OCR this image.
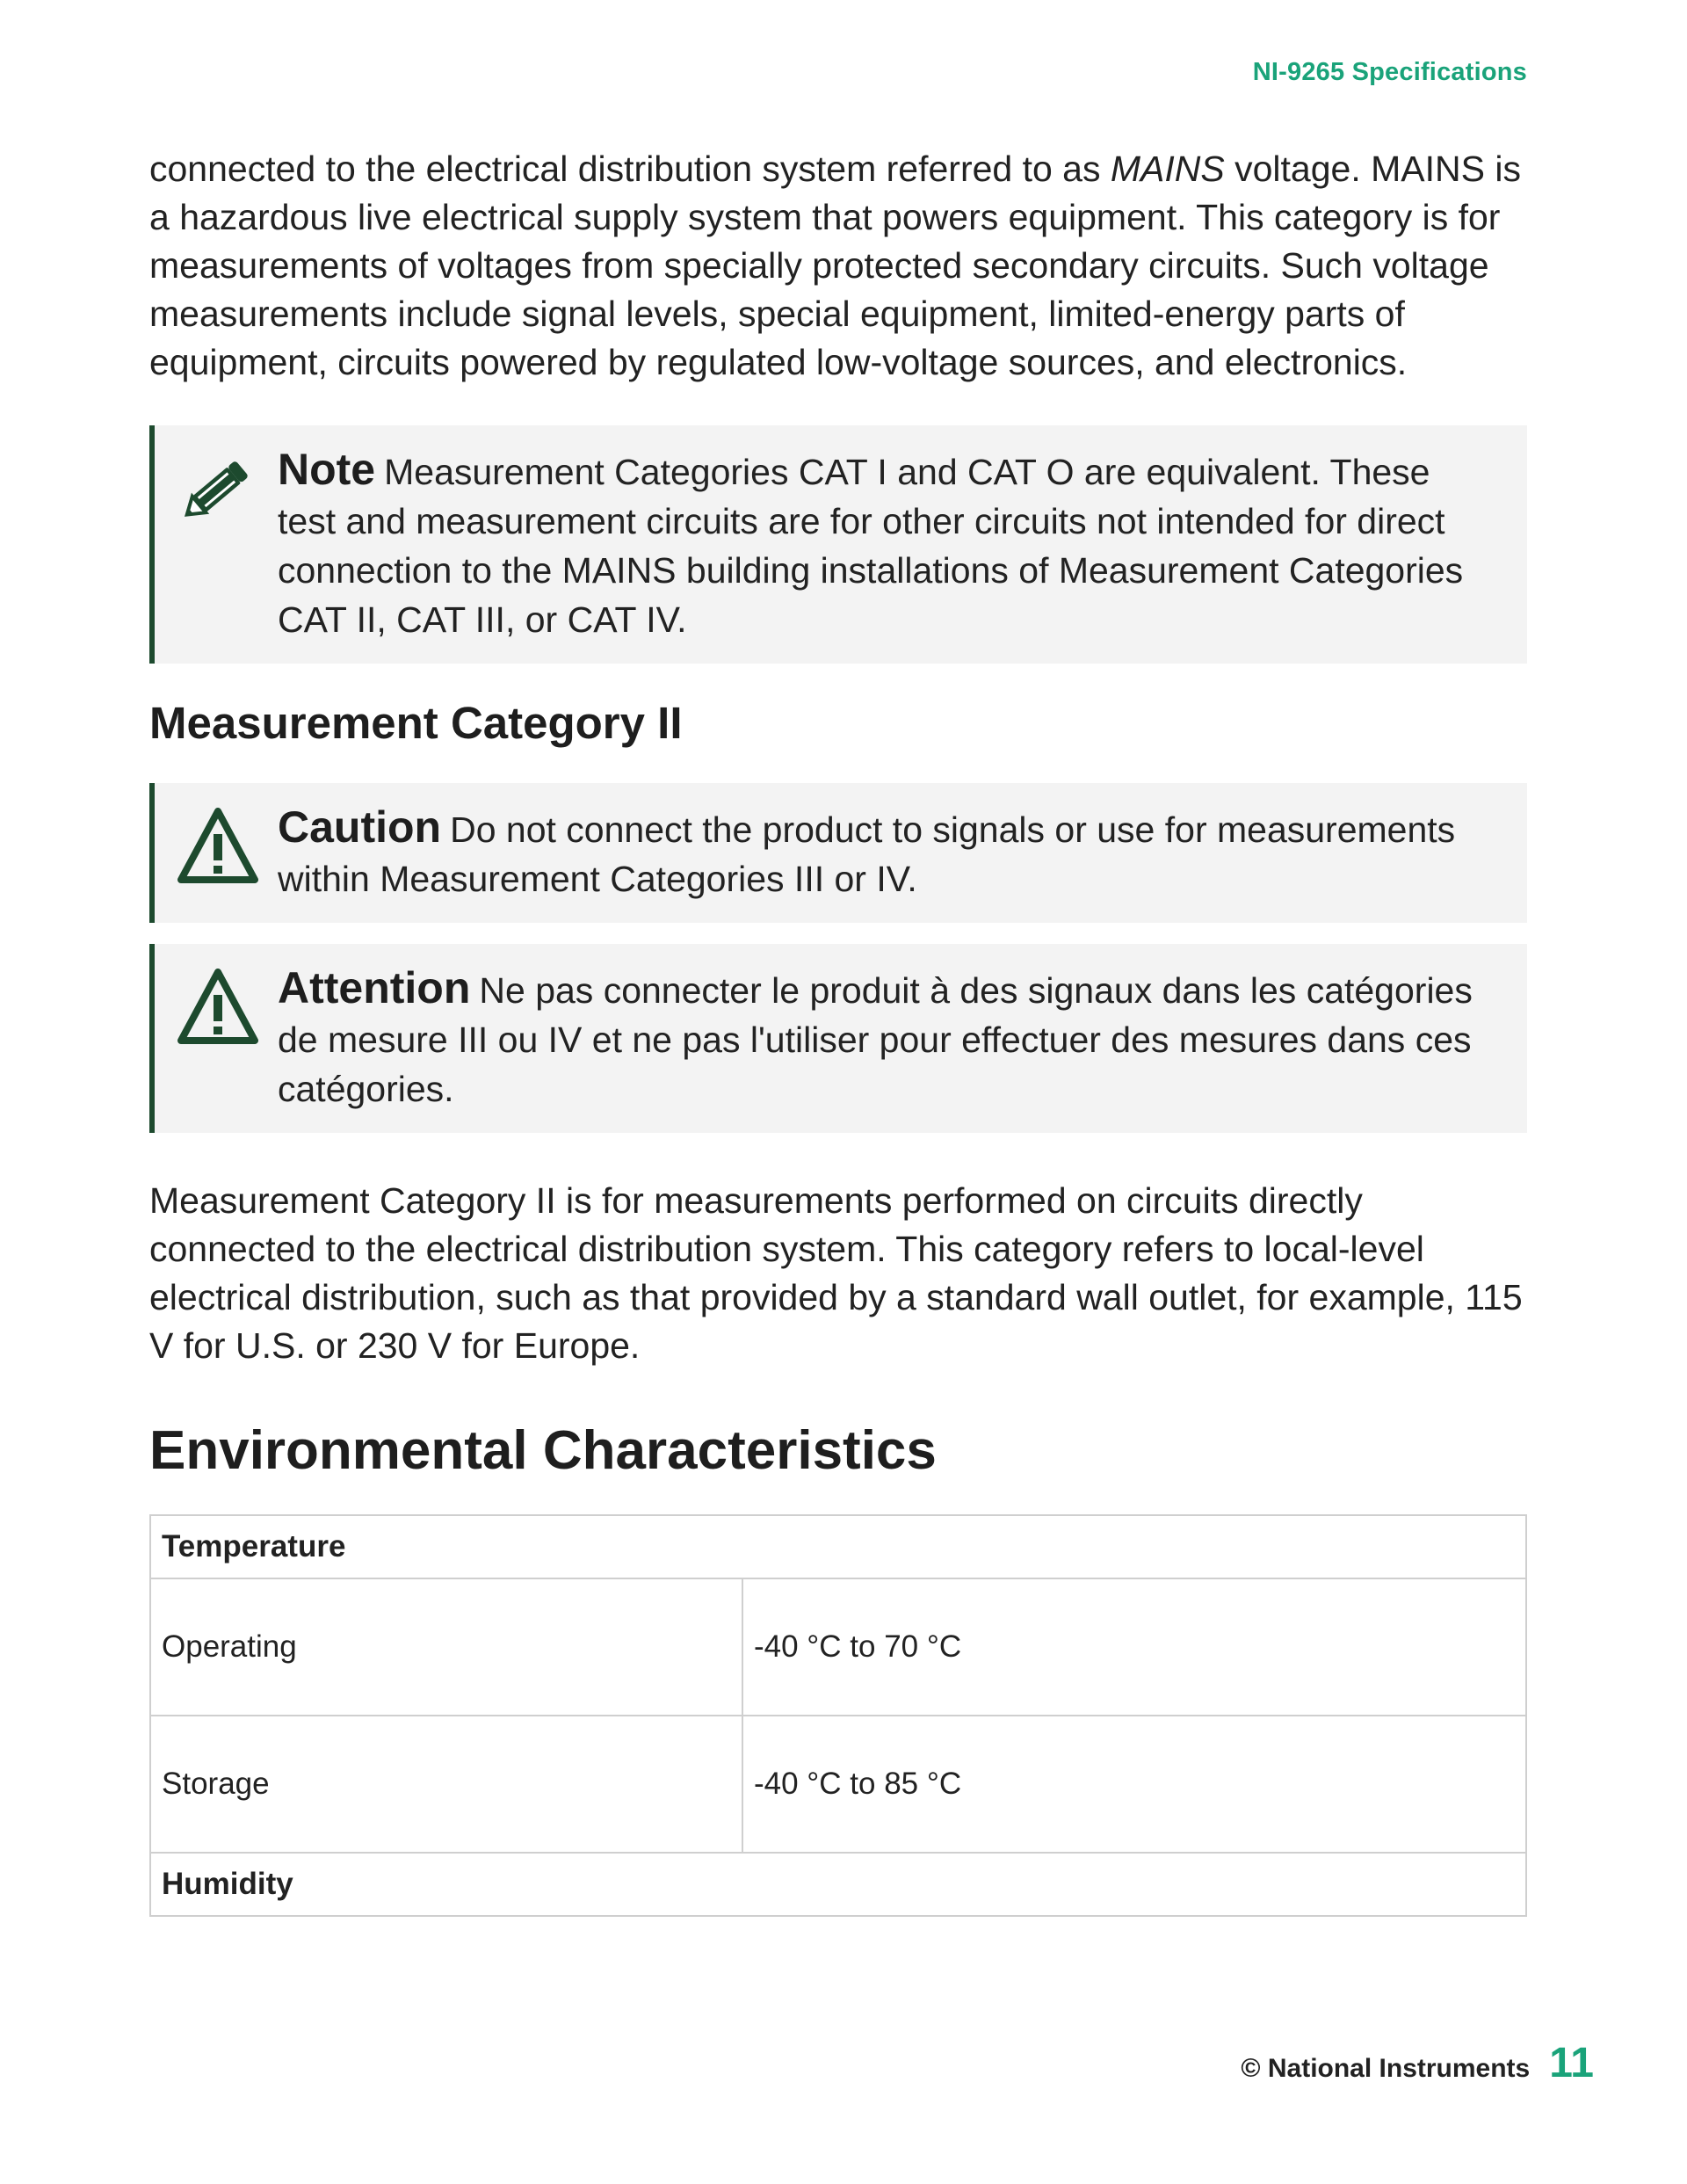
NI-9265 Specifications

connected to the electrical distribution system referred to as MAINS voltage. MAINS is a hazardous live electrical supply system that powers equipment. This category is for measurements of voltages from specially protected secondary circuits. Such voltage measurements include signal levels, special equipment, limited-energy parts of equipment, circuits powered by regulated low-voltage sources, and electronics.

Note Measurement Categories CAT I and CAT O are equivalent. These test and measurement circuits are for other circuits not intended for direct connection to the MAINS building installations of Measurement Categories CAT II, CAT III, or CAT IV.
Measurement Category II
Caution Do not connect the product to signals or use for measurements within Measurement Categories III or IV.
Attention Ne pas connecter le produit à des signaux dans les catégories de mesure III ou IV et ne pas l'utiliser pour effectuer des mesures dans ces catégories.

Measurement Category II is for measurements performed on circuits directly connected to the electrical distribution system. This category refers to local-level electrical distribution, such as that provided by a standard wall outlet, for example, 115 V for U.S. or 230 V for Europe.

Environmental Characteristics
Temperature	
Operating	-40 °C to 70 °C
Storage	-40 °C to 85 °C
Humidity	
© National Instruments 11
